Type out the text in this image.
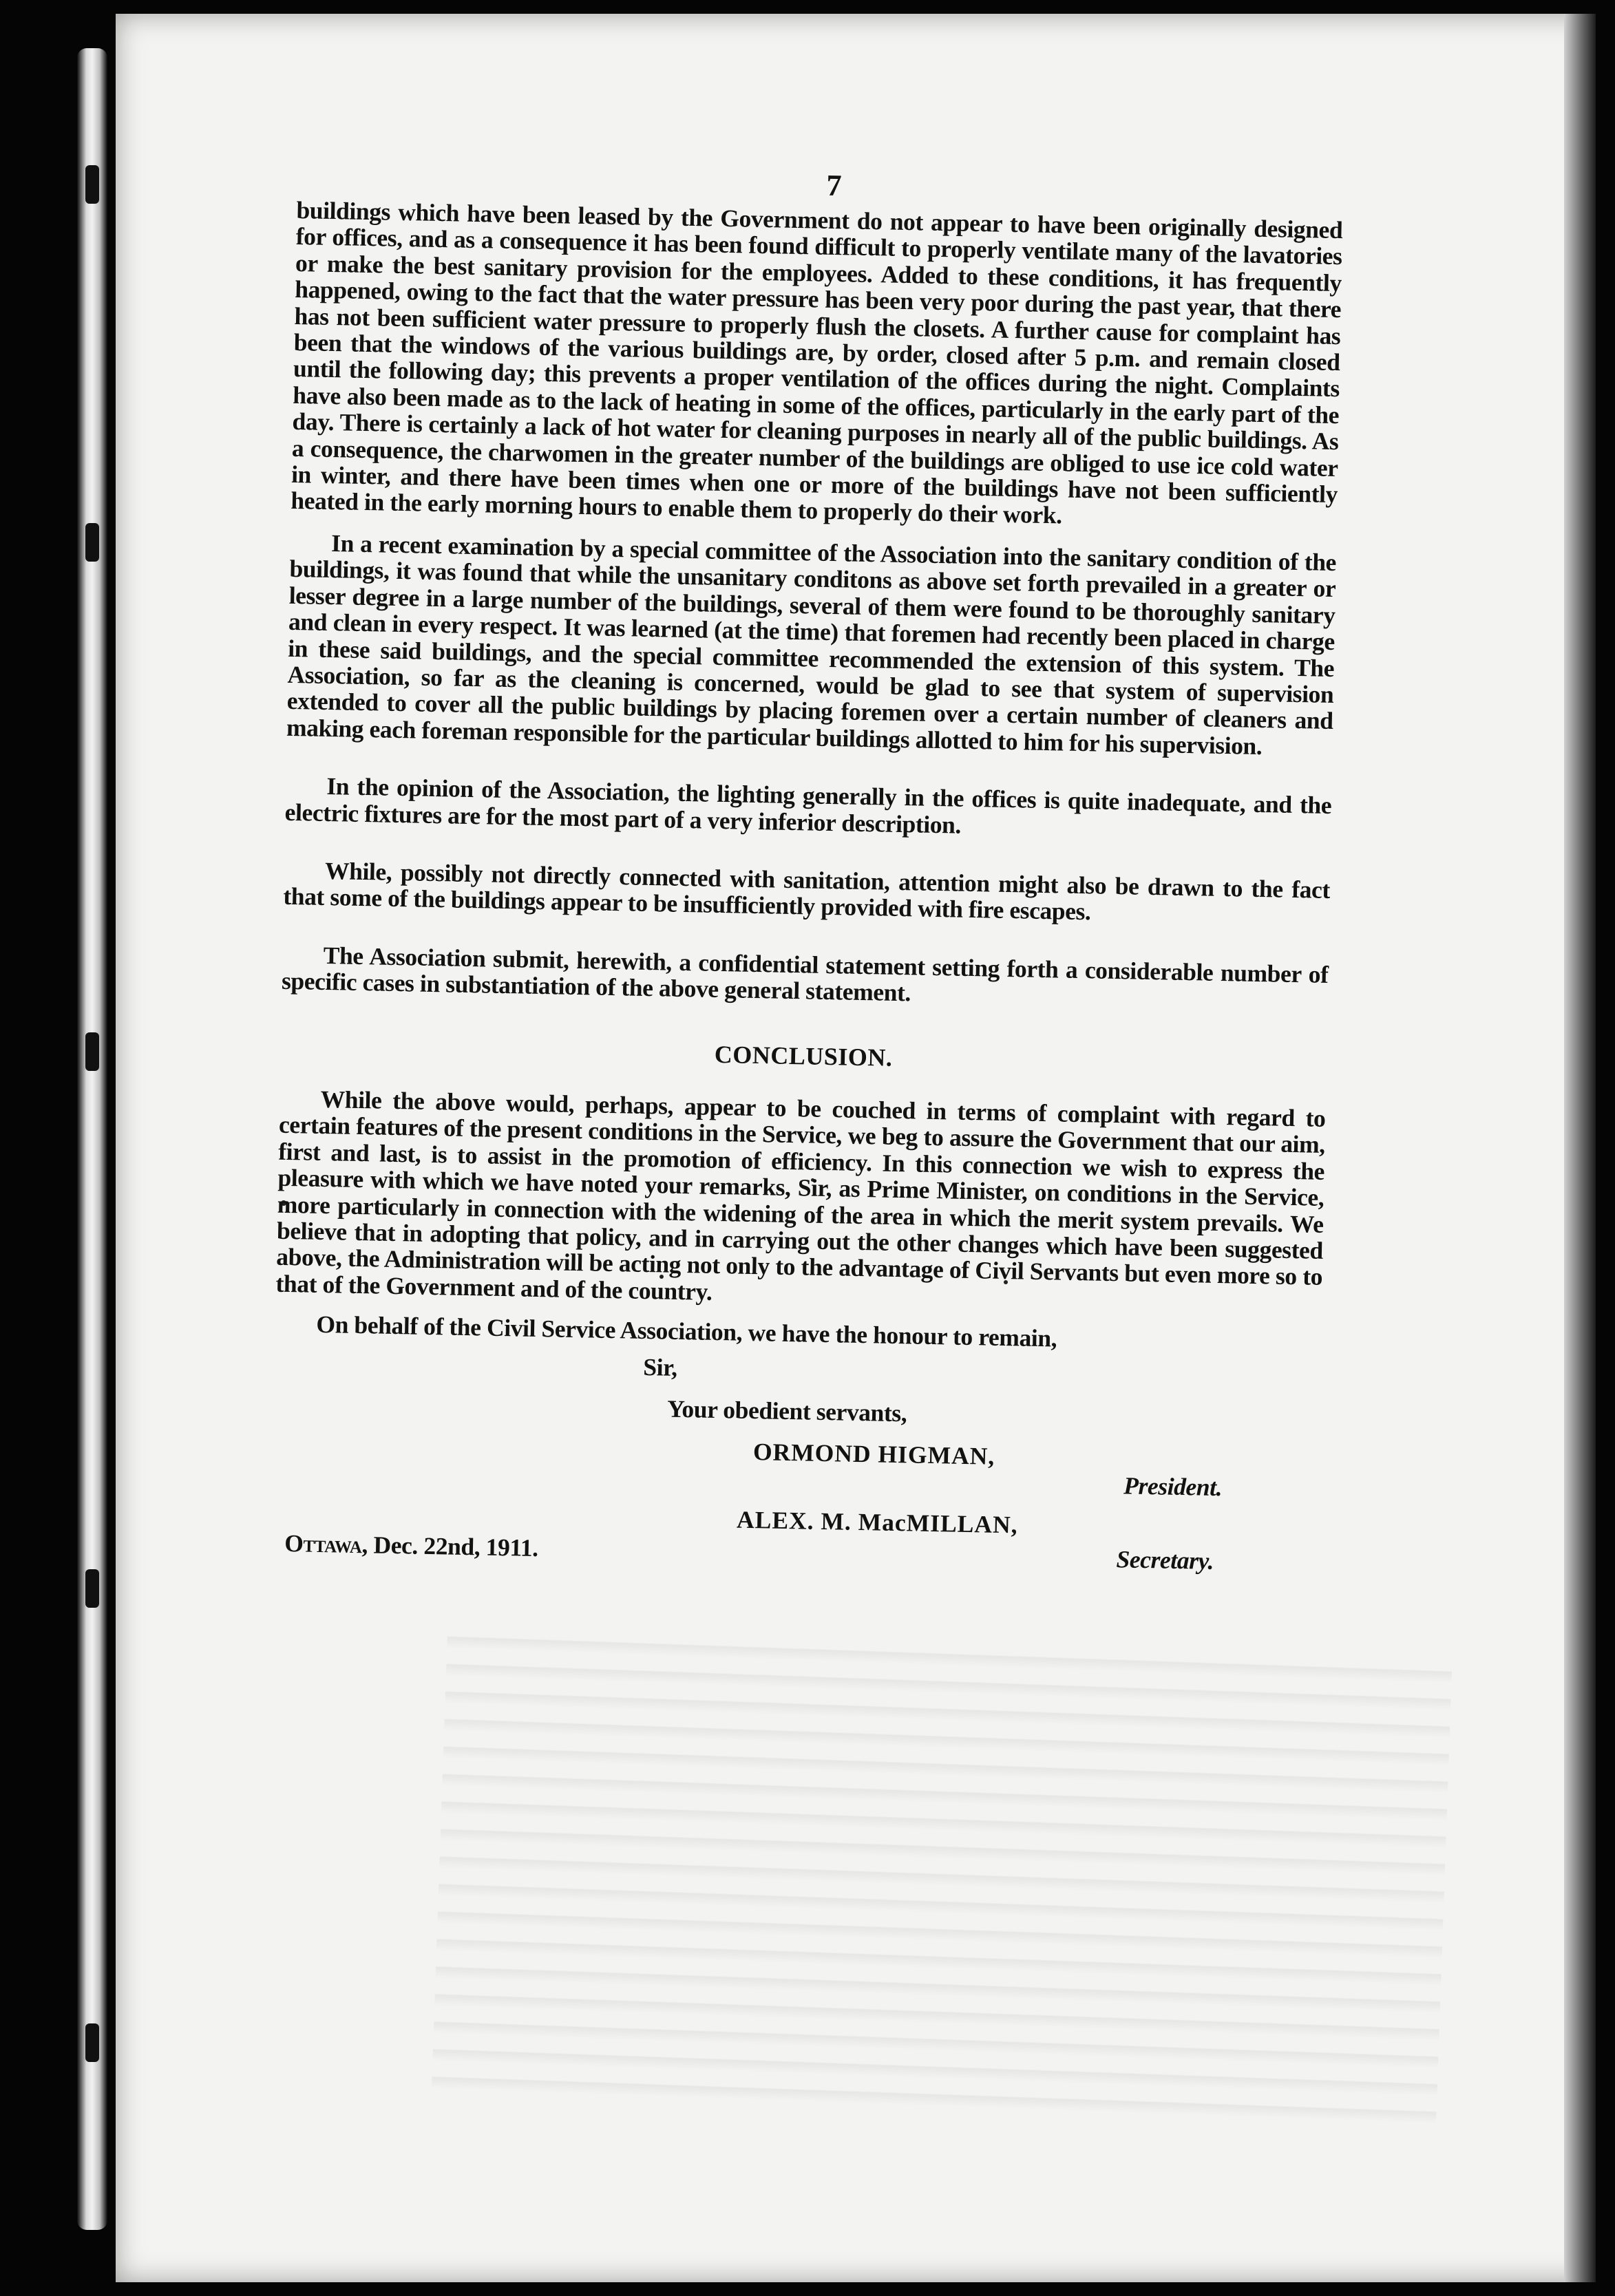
7

buildings which have been leased by the Government do not appear to have been originally designed for offices, and as a consequence it has been found difficult to properly ventilate many of the lavatories or make the best sanitary provision for the employees. Added to these conditions, it has frequently happened, owing to the fact that the water pressure has been very poor during the past year, that there has not been sufficient water pressure to properly flush the closets. A further cause for complaint has been that the windows of the various buildings are, by order, closed after 5 p.m. and remain closed until the following day; this prevents a proper ventilation of the offices during the night. Complaints have also been made as to the lack of heating in some of the offices, particularly in the early part of the day. There is certainly a lack of hot water for cleaning purposes in nearly all of the public buildings. As a consequence, the charwomen in the greater number of the buildings are obliged to use ice cold water in winter, and there have been times when one or more of the buildings have not been sufficiently heated in the early morning hours to enable them to properly do their work.

In a recent examination by a special committee of the Association into the sanitary condition of the buildings, it was found that while the unsanitary conditons as above set forth prevailed in a greater or lesser degree in a large number of the buildings, several of them were found to be thoroughly sanitary and clean in every respect. It was learned (at the time) that foremen had recently been placed in charge in these said buildings, and the special committee recommended the extension of this system. The Association, so far as the cleaning is concerned, would be glad to see that system of supervision extended to cover all the public buildings by placing foremen over a certain number of cleaners and making each foreman responsible for the particular buildings allotted to him for his supervision.

In the opinion of the Association, the lighting generally in the offices is quite inadequate, and the electric fixtures are for the most part of a very inferior description.

While, possibly not directly connected with sanitation, attention might also be drawn to the fact that some of the buildings appear to be insufficiently provided with fire escapes.

The Association submit, herewith, a confidential statement setting forth a considerable number of specific cases in substantiation of the above general statement.

CONCLUSION.

While the above would, perhaps, appear to be couched in terms of complaint with regard to certain features of the present conditions in the Service, we beg to assure the Government that our aim, first and last, is to assist in the promotion of efficiency. In this connection we wish to express the pleasure with which we have noted your remarks, Sir, as Prime Minister, on conditions in the Service, more particularly in connection with the widening of the area in which the merit system prevails. We believe that in adopting that policy, and in carrying out the other changes which have been suggested above, the Administration will be acting not only to the advantage of Civil Servants but even more so to that of the Government and of the country.

On behalf of the Civil Service Association, we have the honour to remain,

Sir,
Your obedient servants,
ORMOND HIGMAN,
President.
ALEX. M. MacMILLAN,
Ottawa, Dec. 22nd, 1911.	Secretary.
